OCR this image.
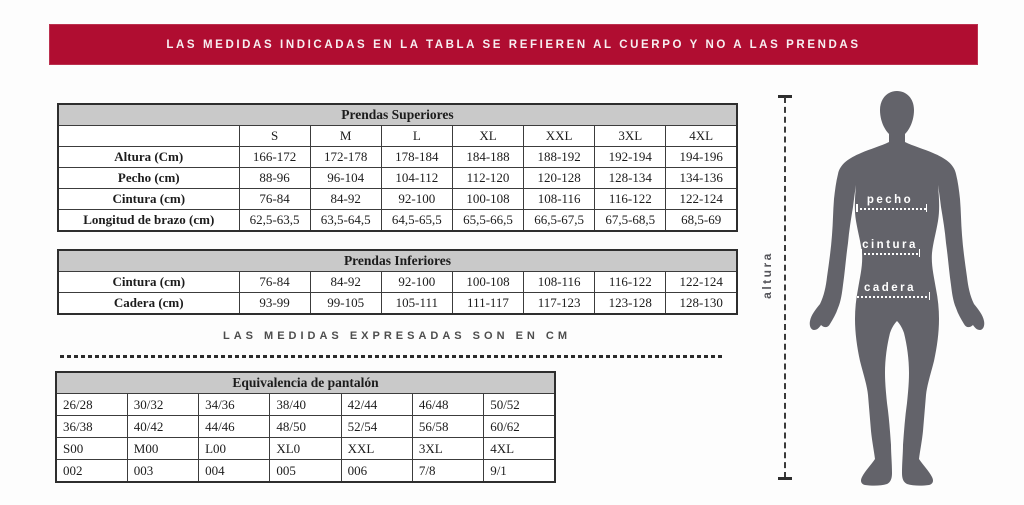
LAS MEDIDAS INDICADAS EN LA TABLA SE REFIEREN AL CUERPO Y NO A LAS PRENDAS
Prendas Superiores							
	S	M	L	XL	XXL	3XL	4XL
Altura (Cm)	166-172	172-178	178-184	184-188	188-192	192-194	194-196
Pecho (cm)	88-96	96-104	104-112	112-120	120-128	128-134	134-136
Cintura (cm)	76-84	84-92	92-100	100-108	108-116	116-122	122-124
Longitud de brazo (cm)	62,5-63,5	63,5-64,5	64,5-65,5	65,5-66,5	66,5-67,5	67,5-68,5	68,5-69
Prendas Inferiores							
Cintura (cm)	76-84	84-92	92-100	100-108	108-116	116-122	122-124
Cadera (cm)	93-99	99-105	105-111	111-117	117-123	123-128	128-130
LAS MEDIDAS EXPRESADAS SON EN CM
Equivalencia de pantalón						
26/28	30/32	34/36	38/40	42/44	46/48	50/52
36/38	40/42	44/46	48/50	52/54	56/58	60/62
S00	M00	L00	XL0	XXL	3XL	4XL
002	003	004	005	006	7/8	9/1
altura
pecho
cintura
cadera
